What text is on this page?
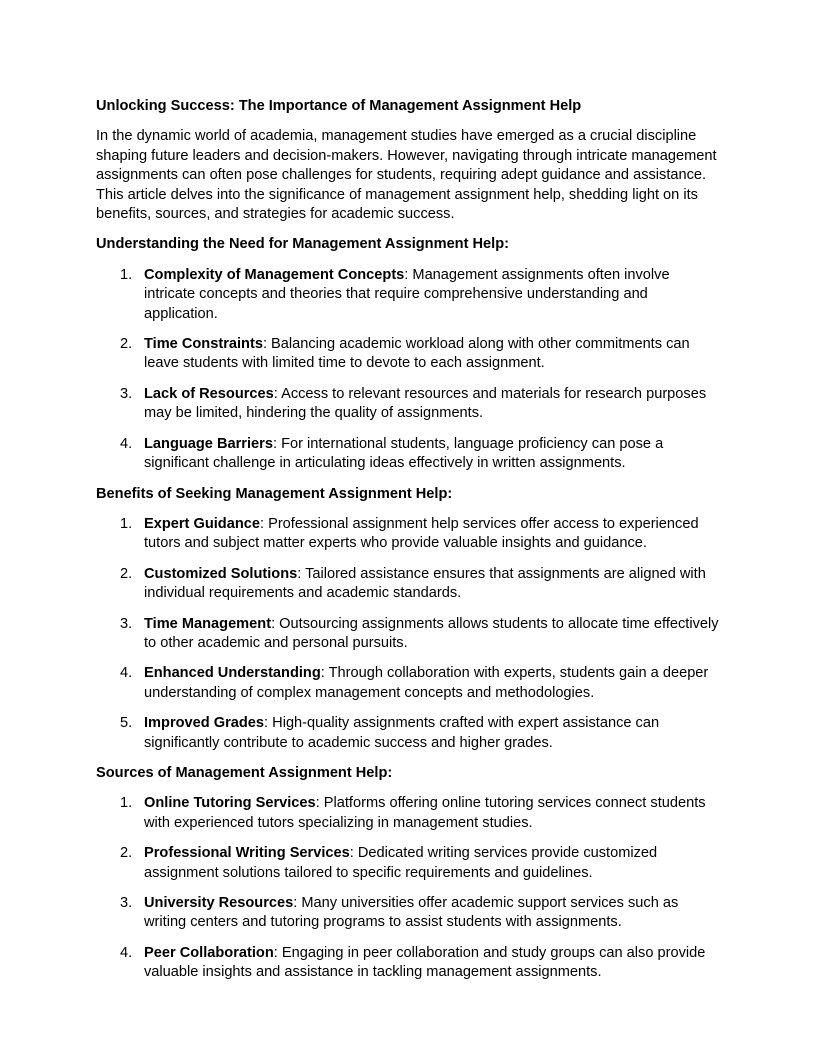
Unlocking Success: The Importance of Management Assignment Help

In the dynamic world of academia, management studies have emerged as a crucial discipline shaping future leaders and decision-makers. However, navigating through intricate management assignments can often pose challenges for students, requiring adept guidance and assistance. This article delves into the significance of management assignment help, shedding light on its benefits, sources, and strategies for academic success.

Understanding the Need for Management Assignment Help:
1. Complexity of Management Concepts: Management assignments often involve intricate concepts and theories that require comprehensive understanding and application.
2. Time Constraints: Balancing academic workload along with other commitments can leave students with limited time to devote to each assignment.
3. Lack of Resources: Access to relevant resources and materials for research purposes may be limited, hindering the quality of assignments.
4. Language Barriers: For international students, language proficiency can pose a significant challenge in articulating ideas effectively in written assignments.
Benefits of Seeking Management Assignment Help:
1. Expert Guidance: Professional assignment help services offer access to experienced tutors and subject matter experts who provide valuable insights and guidance.
2. Customized Solutions: Tailored assistance ensures that assignments are aligned with individual requirements and academic standards.
3. Time Management: Outsourcing assignments allows students to allocate time effectively to other academic and personal pursuits.
4. Enhanced Understanding: Through collaboration with experts, students gain a deeper understanding of complex management concepts and methodologies.
5. Improved Grades: High-quality assignments crafted with expert assistance can significantly contribute to academic success and higher grades.
Sources of Management Assignment Help:
1. Online Tutoring Services: Platforms offering online tutoring services connect students with experienced tutors specializing in management studies.
2. Professional Writing Services: Dedicated writing services provide customized assignment solutions tailored to specific requirements and guidelines.
3. University Resources: Many universities offer academic support services such as writing centers and tutoring programs to assist students with assignments.
4. Peer Collaboration: Engaging in peer collaboration and study groups can also provide valuable insights and assistance in tackling management assignments.
